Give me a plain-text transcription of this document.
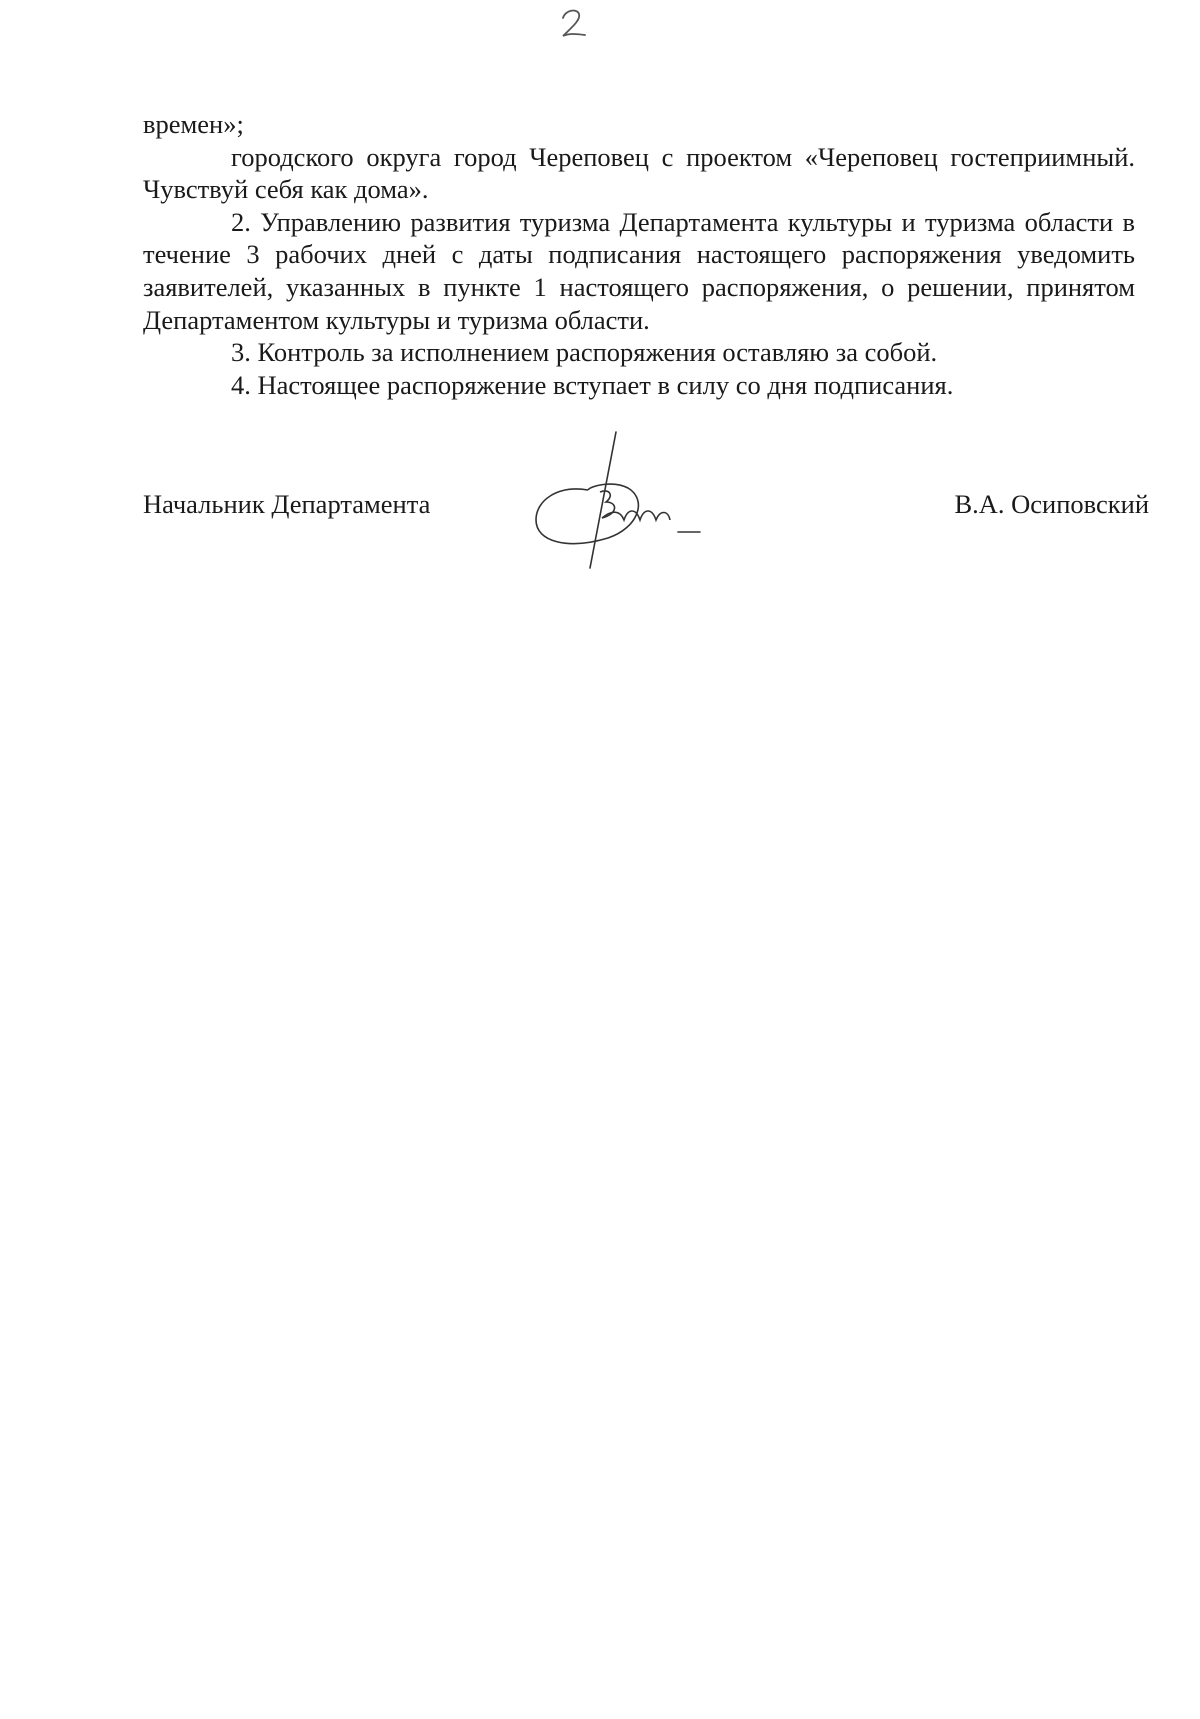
времен»;

городского округа город Череповец с проектом «Череповец гостеприимный. Чувствуй себя как дома».

2. Управлению развития туризма Департамента культуры и туризма области в течение 3 рабочих дней с даты подписания настоящего распоряжения уведомить заявителей, указанных в пункте 1 настоящего распоряжения, о решении, принятом Департаментом культуры и туризма области.

3. Контроль за исполнением распоряжения оставляю за собой.

4. Настоящее распоряжение вступает в силу со дня подписания.

Начальник Департамента	В.А. Осиповский
